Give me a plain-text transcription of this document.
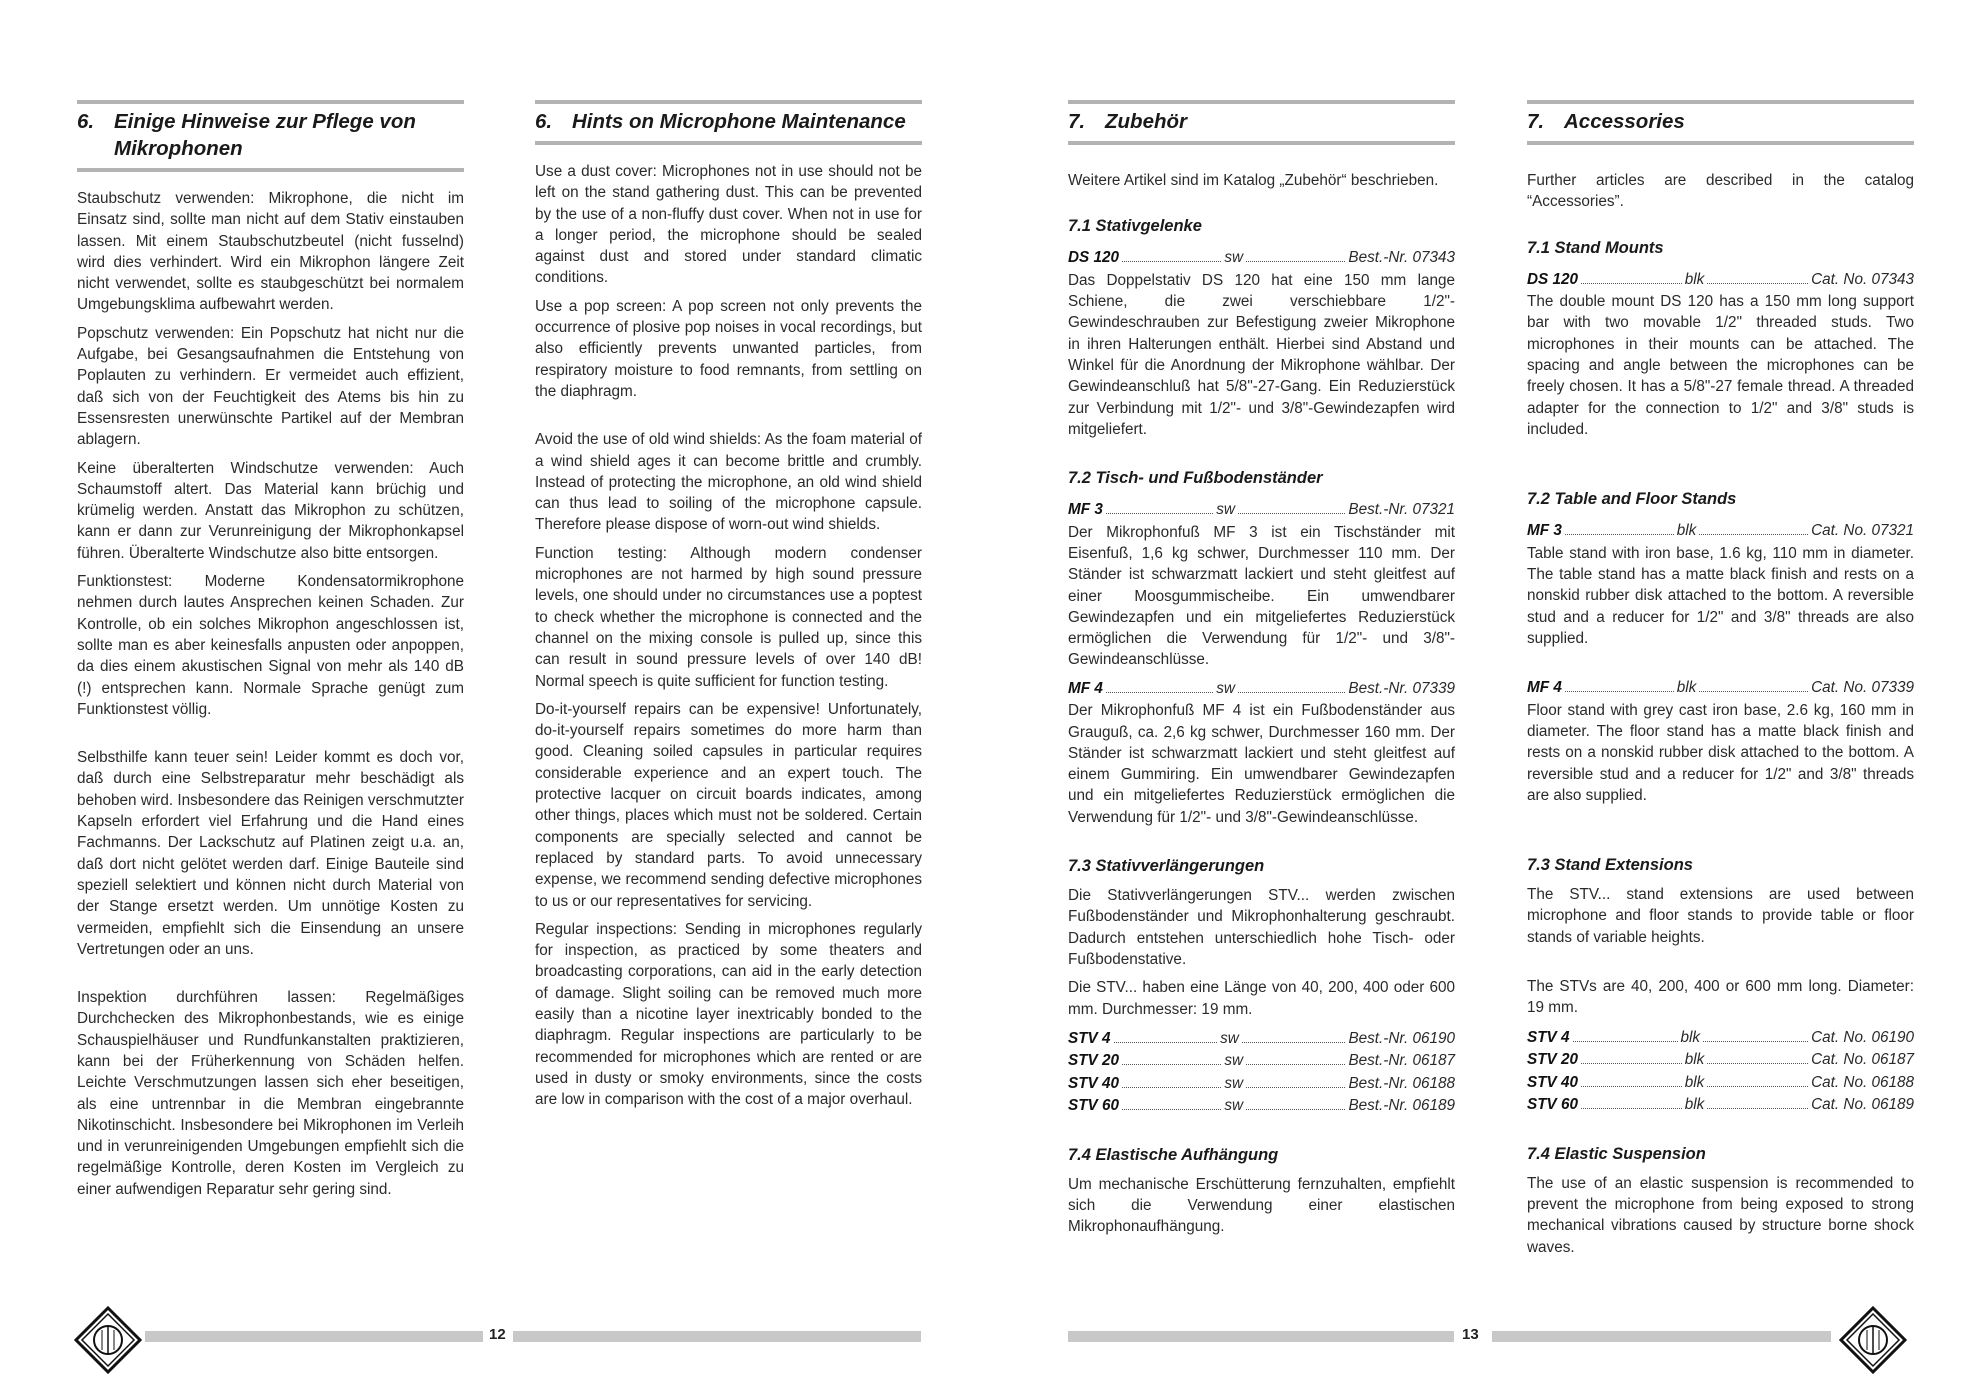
6. Einige Hinweise zur Pflege von Mikrophonen

Staubschutz verwenden: Mikrophone, die nicht im Einsatz sind, sollte man nicht auf dem Stativ einstauben lassen. Mit einem Staubschutzbeutel (nicht fusselnd) wird dies verhindert. Wird ein Mikrophon längere Zeit nicht verwendet, sollte es staubgeschützt bei normalem Umgebungsklima aufbewahrt werden.

Popschutz verwenden: Ein Popschutz hat nicht nur die Aufgabe, bei Gesangsaufnahmen die Entstehung von Poplauten zu verhindern. Er vermeidet auch effizient, daß sich von der Feuchtigkeit des Atems bis hin zu Essensresten unerwünschte Partikel auf der Membran ablagern.

Keine überalterten Windschutze verwenden: Auch Schaumstoff altert. Das Material kann brüchig und krümelig werden. Anstatt das Mikrophon zu schützen, kann er dann zur Verunreinigung der Mikrophonkapsel führen. Überalterte Windschutze also bitte entsorgen.

Funktionstest: Moderne Kondensatormikrophone nehmen durch lautes Ansprechen keinen Schaden. Zur Kontrolle, ob ein solches Mikrophon angeschlossen ist, sollte man es aber keinesfalls anpusten oder anpoppen, da dies einem akustischen Signal von mehr als 140 dB (!) entsprechen kann. Normale Sprache genügt zum Funktionstest völlig.

Selbsthilfe kann teuer sein! Leider kommt es doch vor, daß durch eine Selbstreparatur mehr beschädigt als behoben wird. Insbesondere das Reinigen verschmutzter Kapseln erfordert viel Erfahrung und die Hand eines Fachmanns. Der Lackschutz auf Platinen zeigt u.a. an, daß dort nicht gelötet werden darf. Einige Bauteile sind speziell selektiert und können nicht durch Material von der Stange ersetzt werden. Um unnötige Kosten zu vermeiden, empfiehlt sich die Einsendung an unsere Vertretungen oder an uns.

Inspektion durchführen lassen: Regelmäßiges Durchchecken des Mikrophonbestands, wie es einige Schauspielhäuser und Rundfunkanstalten praktizieren, kann bei der Früherkennung von Schäden helfen. Leichte Verschmutzungen lassen sich eher beseitigen, als eine untrennbar in die Membran eingebrannte Nikotinschicht. Insbesondere bei Mikrophonen im Verleih und in verunreinigenden Umgebungen empfiehlt sich die regelmäßige Kontrolle, deren Kosten im Vergleich zu einer aufwendigen Reparatur sehr gering sind.

6. Hints on Microphone Maintenance

Use a dust cover: Microphones not in use should not be left on the stand gathering dust. This can be prevented by the use of a non-fluffy dust cover. When not in use for a longer period, the microphone should be sealed against dust and stored under standard climatic conditions.

Use a pop screen: A pop screen not only prevents the occurrence of plosive pop noises in vocal recordings, but also efficiently prevents unwanted particles, from respiratory moisture to food remnants, from settling on the diaphragm.

Avoid the use of old wind shields: As the foam material of a wind shield ages it can become brittle and crumbly. Instead of protecting the microphone, an old wind shield can thus lead to soiling of the microphone capsule. Therefore please dispose of worn-out wind shields.

Function testing: Although modern condenser microphones are not harmed by high sound pressure levels, one should under no circumstances use a poptest to check whether the microphone is connected and the channel on the mixing console is pulled up, since this can result in sound pressure levels of over 140 dB! Normal speech is quite sufficient for function testing.

Do-it-yourself repairs can be expensive! Unfortunately, do-it-yourself repairs sometimes do more harm than good. Cleaning soiled capsules in particular requires considerable experience and an expert touch. The protective lacquer on circuit boards indicates, among other things, places which must not be soldered. Certain components are specially selected and cannot be replaced by standard parts. To avoid unnecessary expense, we recommend sending defective microphones to us or our representatives for servicing.

Regular inspections: Sending in microphones regularly for inspection, as practiced by some theaters and broadcasting corporations, can aid in the early detection of damage. Slight soiling can be removed much more easily than a nicotine layer inextricably bonded to the diaphragm. Regular inspections are particularly to be recommended for microphones which are rented or are used in dusty or smoky environments, since the costs are low in comparison with the cost of a major overhaul.

12
7. Zubehör

Weitere Artikel sind im Katalog „Zubehör“ beschrieben.

7.1 Stativgelenke

DS 120	sw	Best.-Nr. 07343

Das Doppelstativ DS 120 hat eine 150 mm lange Schiene, die zwei verschiebbare 1/2"-Gewindeschrauben zur Befestigung zweier Mikrophone in ihren Halterungen enthält. Hierbei sind Abstand und Winkel für die Anordnung der Mikrophone wählbar. Der Gewindeanschluß hat 5/8"-27-Gang. Ein Reduzierstück zur Verbindung mit 1/2"- und 3/8"-Gewindezapfen wird mitgeliefert.

7.2 Tisch- und Fußbodenständer

MF 3	sw	Best.-Nr. 07321

Der Mikrophonfuß MF 3 ist ein Tischständer mit Eisenfuß, 1,6 kg schwer, Durchmesser 110 mm. Der Ständer ist schwarzmatt lackiert und steht gleitfest auf einer Moosgummischeibe. Ein umwendbarer Gewindezapfen und ein mitgeliefertes Reduzierstück ermöglichen die Verwendung für 1/2"- und 3/8"-Gewindeanschlüsse.

MF 4	sw	Best.-Nr. 07339

Der Mikrophonfuß MF 4 ist ein Fußbodenständer aus Grauguß, ca. 2,6 kg schwer, Durchmesser 160 mm. Der Ständer ist schwarzmatt lackiert und steht gleitfest auf einem Gummiring. Ein umwendbarer Gewindezapfen und ein mitgeliefertes Reduzierstück ermöglichen die Verwendung für 1/2"- und 3/8"-Gewindeanschlüsse.

7.3 Stativverlängerungen

Die Stativverlängerungen STV... werden zwischen Fußbodenständer und Mikrophonhalterung geschraubt. Dadurch entstehen unterschiedlich hohe Tisch- oder Fußbodenstative.

Die STV... haben eine Länge von 40, 200, 400 oder 600 mm. Durchmesser: 19 mm.

STV 4	sw	Best.-Nr. 06190
STV 20	sw	Best.-Nr. 06187
STV 40	sw	Best.-Nr. 06188
STV 60	sw	Best.-Nr. 06189

7.4 Elastische Aufhängung

Um mechanische Erschütterung fernzuhalten, empfiehlt sich die Verwendung einer elastischen Mikrophonaufhängung.

7. Accessories

Further articles are described in the catalog “Accessories”.

7.1 Stand Mounts

DS 120	blk	Cat. No. 07343

The double mount DS 120 has a 150 mm long support bar with two movable 1/2" threaded studs. Two microphones in their mounts can be attached. The spacing and angle between the microphones can be freely chosen. It has a 5/8"-27 female thread. A threaded adapter for the connection to 1/2" and 3/8" studs is included.

7.2 Table and Floor Stands

MF 3	blk	Cat. No. 07321

Table stand with iron base, 1.6 kg, 110 mm in diameter. The table stand has a matte black finish and rests on a nonskid rubber disk attached to the bottom. A reversible stud and a reducer for 1/2" and 3/8" threads are also supplied.

MF 4	blk	Cat. No. 07339

Floor stand with grey cast iron base, 2.6 kg, 160 mm in diameter. The floor stand has a matte black finish and rests on a nonskid rubber disk attached to the bottom. A reversible stud and a reducer for 1/2" and 3/8" threads are also supplied.

7.3 Stand Extensions

The STV... stand extensions are used between microphone and floor stands to provide table or floor stands of variable heights.

The STVs are 40, 200, 400 or 600 mm long. Diameter: 19 mm.

STV 4	blk	Cat. No. 06190
STV 20	blk	Cat. No. 06187
STV 40	blk	Cat. No. 06188
STV 60	blk	Cat. No. 06189

7.4 Elastic Suspension

The use of an elastic suspension is recommended to prevent the microphone from being exposed to strong mechanical vibrations caused by structure borne shock waves.

13
